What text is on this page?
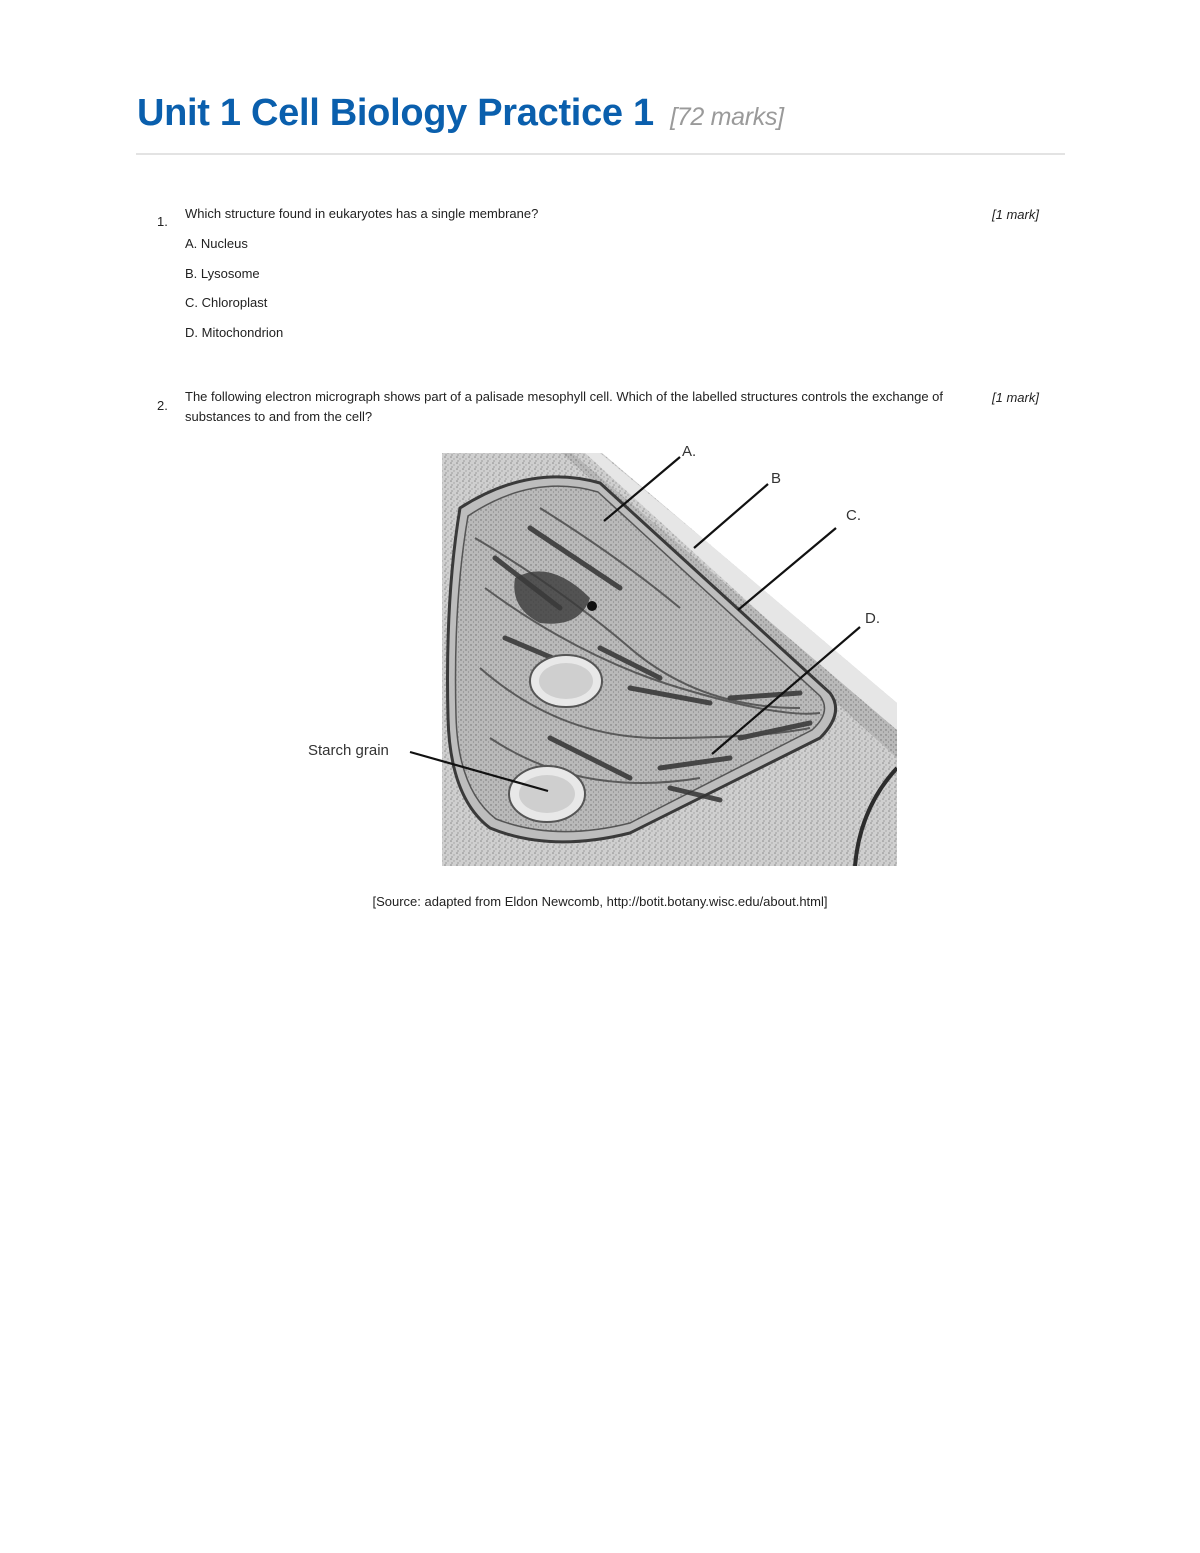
Unit 1 Cell Biology Practice 1 [72 marks]
1.
Which structure found in eukaryotes has a single membrane?	[1 mark]
A. Nucleus
B. Lysosome
C. Chloroplast
D. Mitochondrion
2.
The following electron micrograph shows part of a palisade mesophyll cell. Which of the labelled structures controls the exchange of substances to and from the cell?
[1 mark]
A.
B
C.
D.
Starch grain
[Source: adapted from Eldon Newcomb, http://botit.botany.wisc.edu/about.html]
